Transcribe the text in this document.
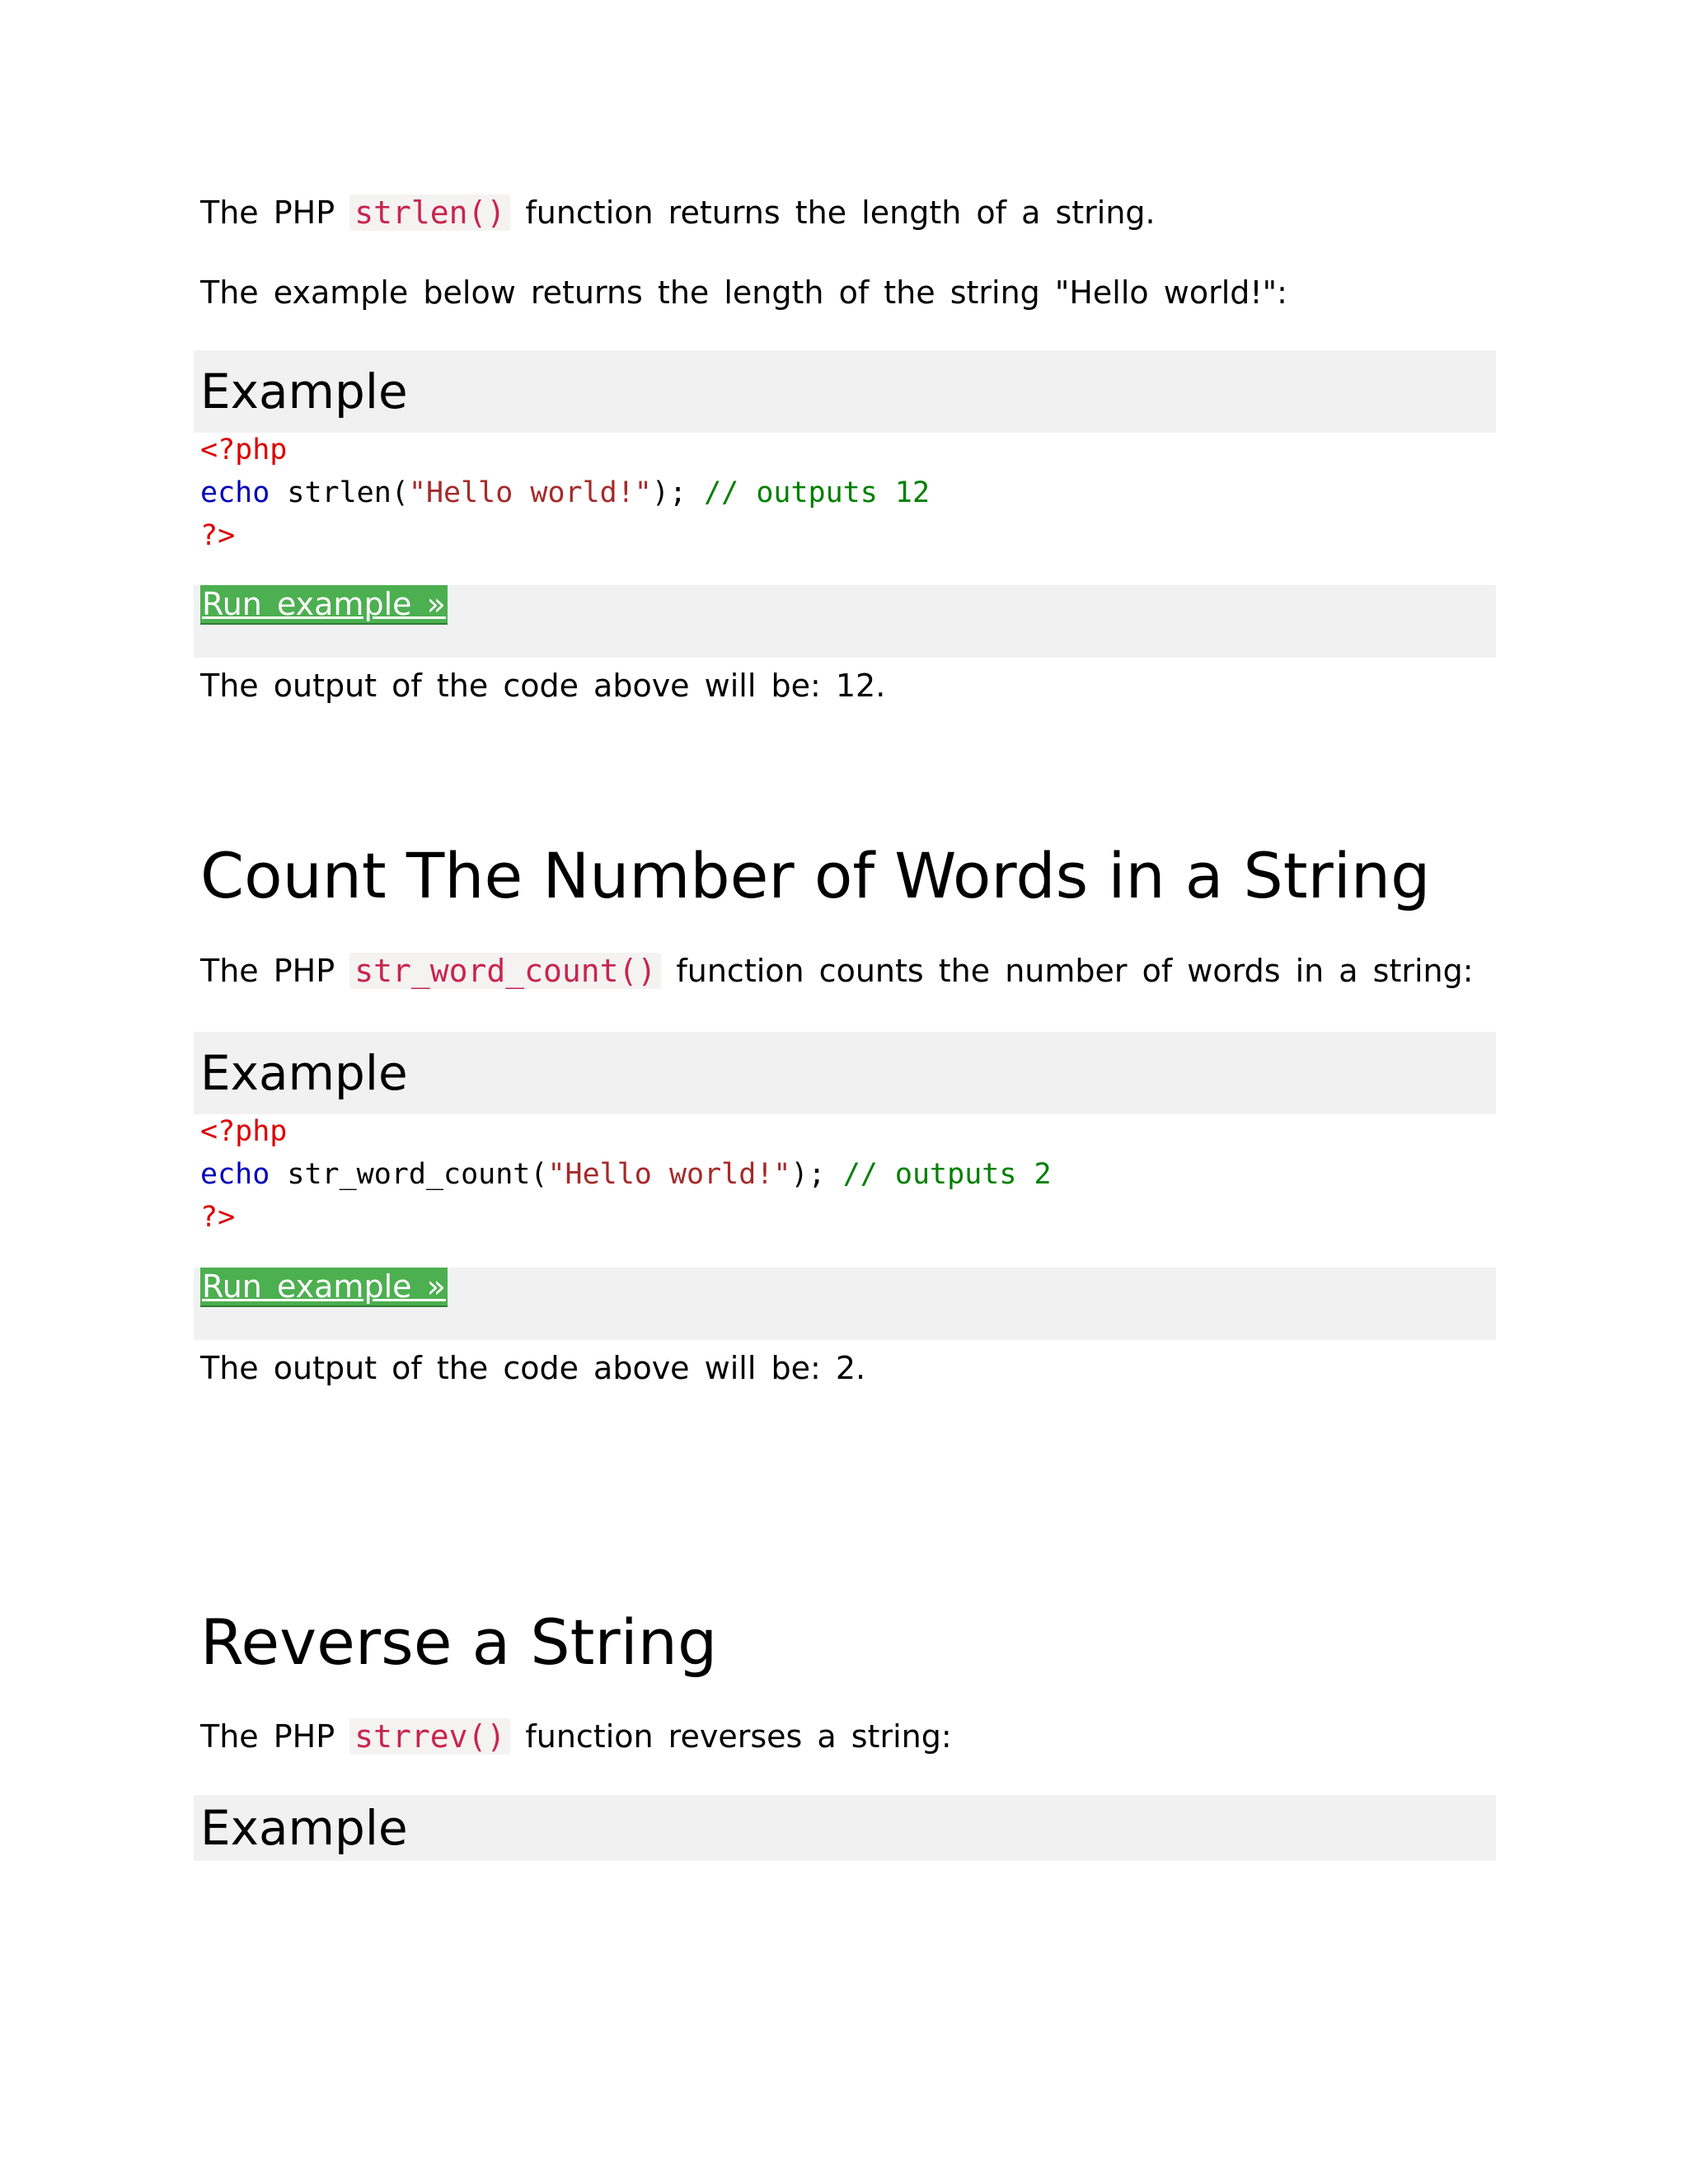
The PHP strlen() function returns the length of a string.
The example below returns the length of the string "Hello world!":
Example
<?php
echo strlen("Hello world!"); // outputs 12
?>
Run example »
The output of the code above will be: 12.
Count The Number of Words in a String
The PHP str_word_count() function counts the number of words in a string:
Example
<?php
echo str_word_count("Hello world!"); // outputs 2
?>
Run example »
The output of the code above will be: 2.
Reverse a String
The PHP strrev() function reverses a string:
Example
